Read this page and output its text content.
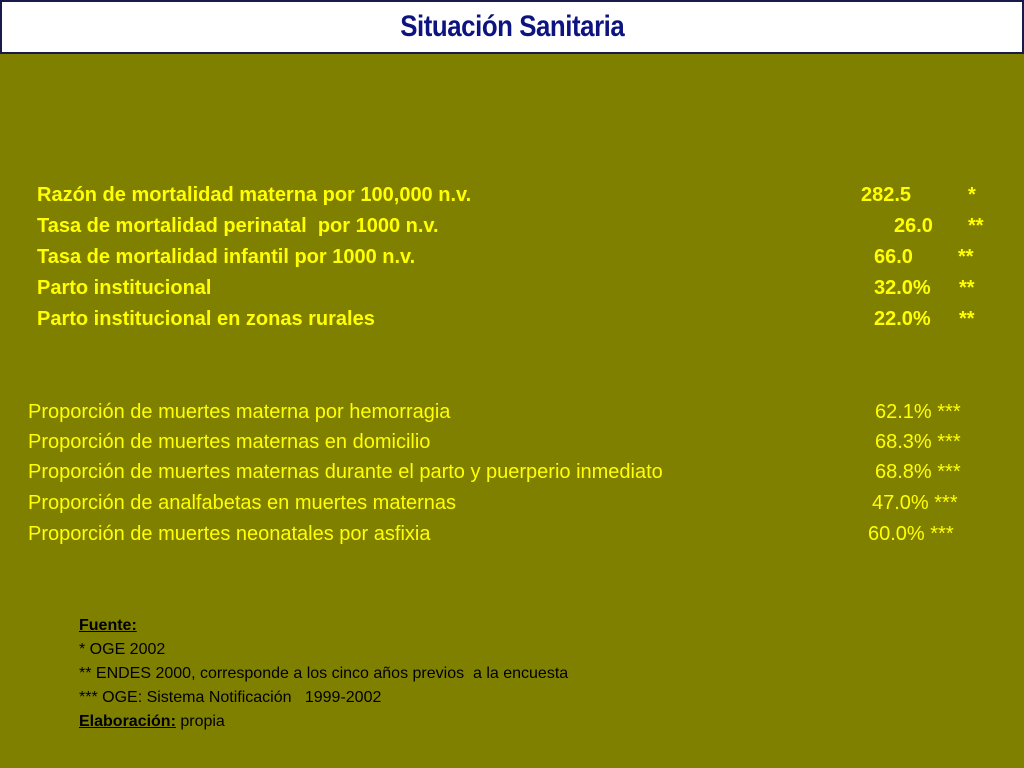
Situación Sanitaria
Razón de mortalidad materna por 100,000 n.v.	282.5	*
Tasa de mortalidad perinatal  por 1000 n.v.	26.0 **
Tasa de mortalidad infantil por 1000 n.v.	66.0 **
Parto institucional	32.0% **
Parto institucional en zonas rurales	22.0% **
Proporción de muertes materna por hemorragia	62.1% ***
Proporción de muertes maternas en domicilio	68.3% ***
Proporción de muertes maternas durante el parto y puerperio inmediato	68.8% ***
Proporción de analfabetas en muertes maternas	47.0% ***
Proporción de muertes neonatales por asfixia	60.0% ***
Fuente:
* OGE 2002
** ENDES 2000, corresponde a los cinco años previos  a la encuesta
*** OGE: Sistema Notificación   1999-2002
Elaboración: propia
